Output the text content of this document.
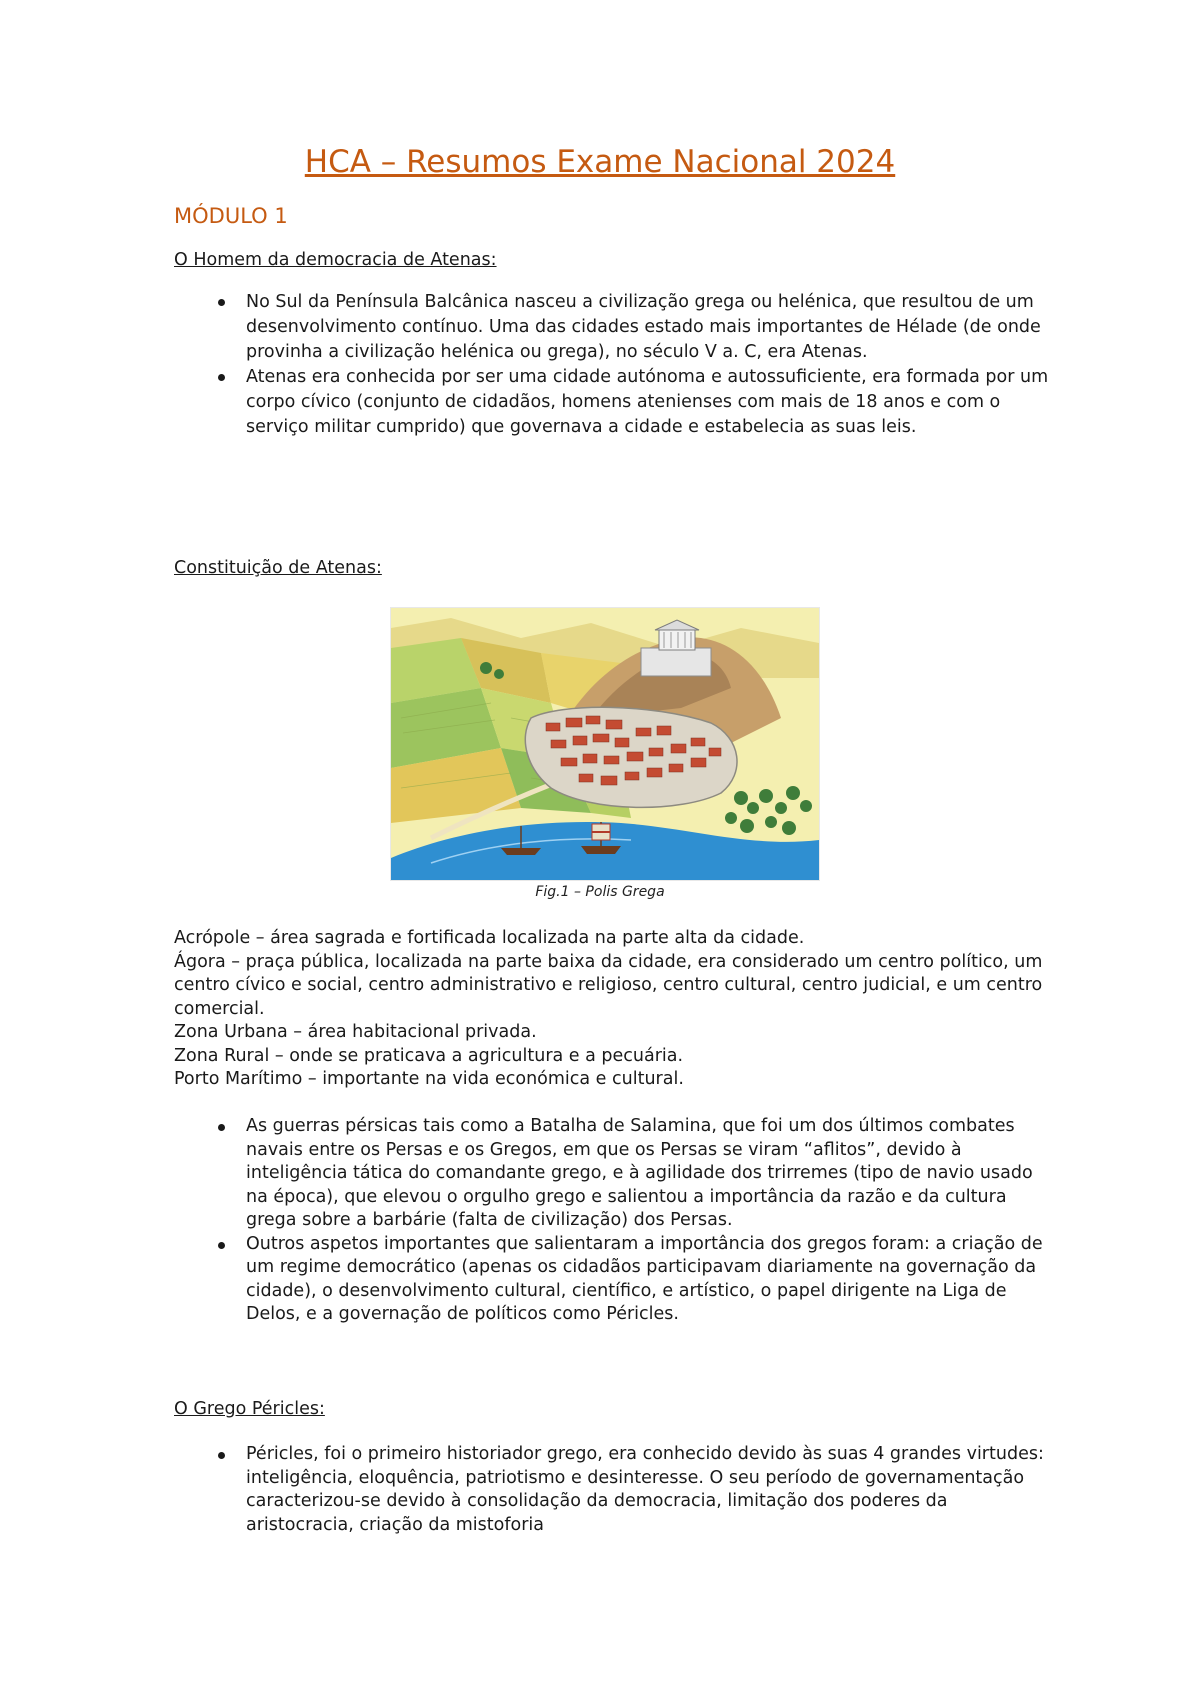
HCA – Resumos Exame Nacional 2024
MÓDULO 1
O Homem da democracia de Atenas:
No Sul da Península Balcânica nasceu a civilização grega ou helénica, que resultou de um desenvolvimento contínuo. Uma das cidades estado mais importantes de Hélade (de onde provinha a civilização helénica ou grega), no século V a. C, era Atenas.
Atenas era conhecida por ser uma cidade autónoma e autossuficiente, era formada por um corpo cívico (conjunto de cidadãos, homens atenienses com mais de 18 anos e com o serviço militar cumprido) que governava a cidade e estabelecia as suas leis.
Constituição de Atenas:
Fig.1 – Polis Grega

Acrópole – área sagrada e fortificada localizada na parte alta da cidade.

Ágora – praça pública, localizada na parte baixa da cidade, era considerado um centro político, um centro cívico e social, centro administrativo e religioso, centro cultural, centro judicial, e um centro comercial.

Zona Urbana – área habitacional privada.

Zona Rural – onde se praticava a agricultura e a pecuária.

Porto Marítimo – importante na vida económica e cultural.

As guerras pérsicas tais como a Batalha de Salamina, que foi um dos últimos combates navais entre os Persas e os Gregos, em que os Persas se viram “aflitos”, devido à inteligência tática do comandante grego, e à agilidade dos trirremes (tipo de navio usado na época), que elevou o orgulho grego e salientou a importância da razão e da cultura grega sobre a barbárie (falta de civilização) dos Persas.
Outros aspetos importantes que salientaram a importância dos gregos foram: a criação de um regime democrático (apenas os cidadãos participavam diariamente na governação da cidade), o desenvolvimento cultural, científico, e artístico, o papel dirigente na Liga de Delos, e a governação de políticos como Péricles.
O Grego Péricles:
Péricles, foi o primeiro historiador grego, era conhecido devido às suas 4 grandes virtudes: inteligência, eloquência, patriotismo e desinteresse. O seu período de governamentação caracterizou-se devido à consolidação da democracia, limitação dos poderes da aristocracia, criação da mistoforia
